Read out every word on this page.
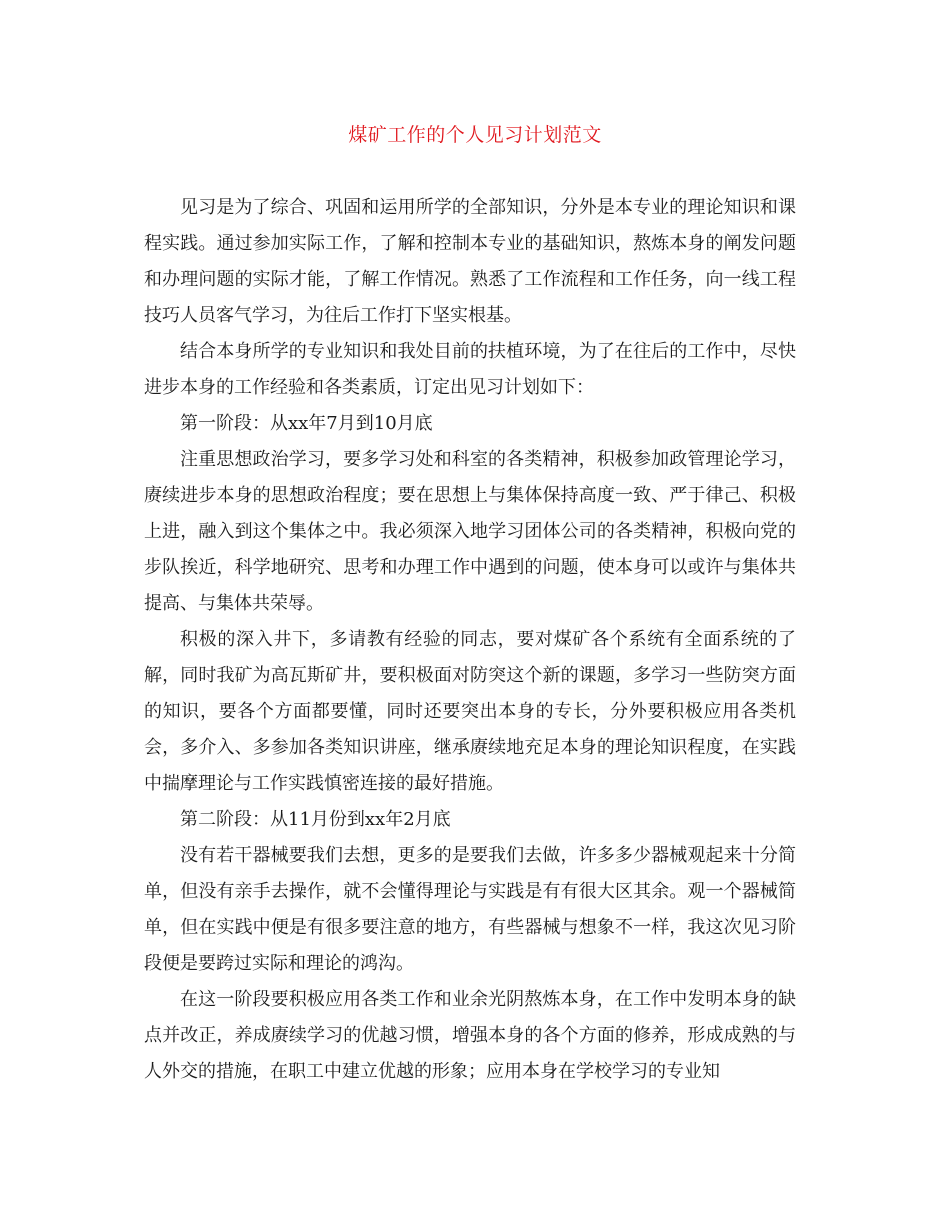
煤矿工作的个人见习计划范文

见习是为了综合、巩固和运用所学的全部知识，分外是本专业的理论知识和课程实践。通过参加实际工作，了解和控制本专业的基础知识，熬炼本身的阐发问题和办理问题的实际才能，了解工作情况。熟悉了工作流程和工作任务，向一线工程技巧人员客气学习，为往后工作打下坚实根基。

结合本身所学的专业知识和我处目前的扶植环境，为了在往后的工作中，尽快进步本身的工作经验和各类素质，订定出见习计划如下：

第一阶段：从xx年7月到10月底

注重思想政治学习，要多学习处和科室的各类精神，积极参加政管理论学习，赓续进步本身的思想政治程度；要在思想上与集体保持高度一致、严于律己、积极上进，融入到这个集体之中。我必须深入地学习团体公司的各类精神，积极向党的步队挨近，科学地研究、思考和办理工作中遇到的问题，使本身可以或许与集体共提高、与集体共荣辱。

积极的深入井下，多请教有经验的同志，要对煤矿各个系统有全面系统的了解，同时我矿为高瓦斯矿井，要积极面对防突这个新的课题，多学习一些防突方面的知识，要各个方面都要懂，同时还要突出本身的专长，分外要积极应用各类机会，多介入、多参加各类知识讲座，继承赓续地充足本身的理论知识程度，在实践中揣摩理论与工作实践慎密连接的最好措施。

第二阶段：从11月份到xx年2月底

没有若干器械要我们去想，更多的是要我们去做，许多多少器械观起来十分简单，但没有亲手去操作，就不会懂得理论与实践是有有很大区其余。观一个器械简单，但在实践中便是有很多要注意的地方，有些器械与想象不一样，我这次见习阶段便是要跨过实际和理论的鸿沟。

在这一阶段要积极应用各类工作和业余光阴熬炼本身，在工作中发明本身的缺点并改正，养成赓续学习的优越习惯，增强本身的各个方面的修养，形成成熟的与人外交的措施，在职工中建立优越的形象；应用本身在学校学习的专业知
